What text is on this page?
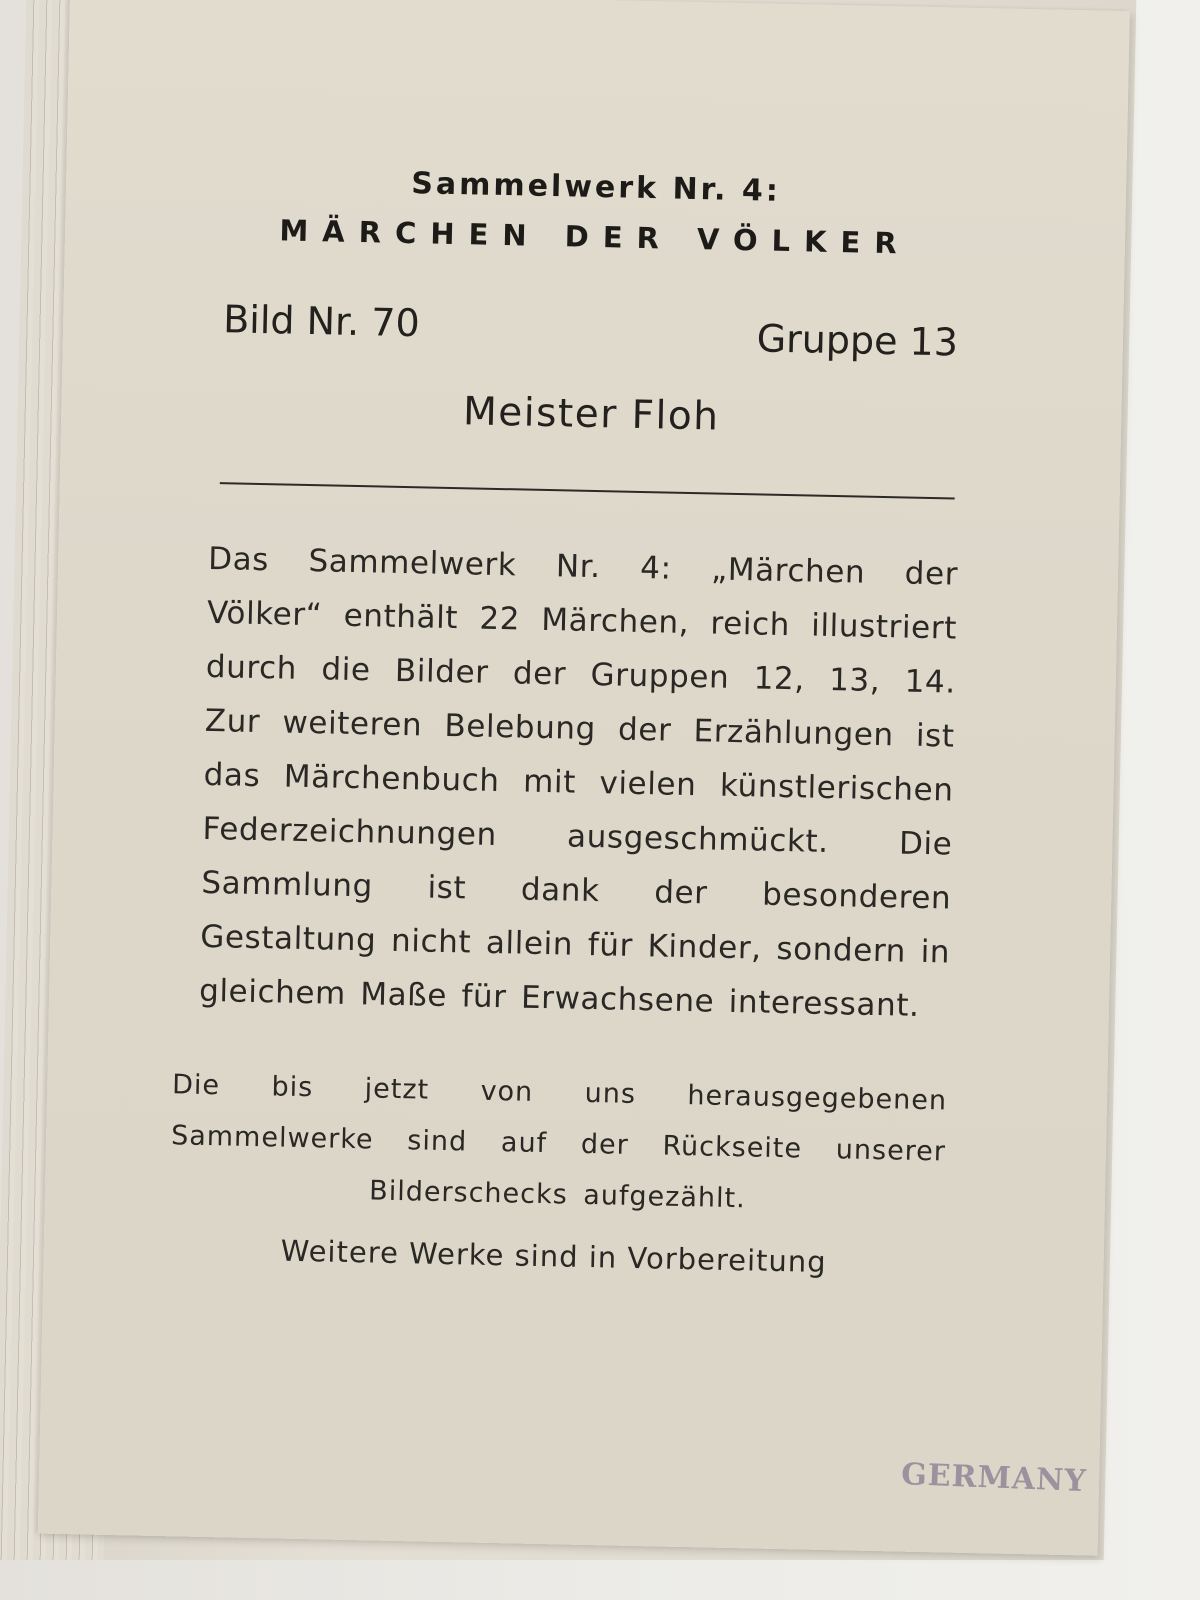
Sammelwerk Nr. 4:
MÄRCHEN DER VÖLKER
Bild Nr. 70	Gruppe 13
Meister Floh
Das Sammelwerk Nr. 4: „Märchen der Völker“ enthält 22 Märchen, reich illustriert durch die Bilder der Gruppen 12, 13, 14. Zur weiteren Belebung der Erzählungen ist das Märchenbuch mit vielen künstlerischen Federzeichnungen ausgeschmückt. Die Sammlung ist dank der besonderen Gestaltung nicht allein für Kinder, sondern in gleichem Maße für Erwachsene interessant.
Die bis jetzt von uns herausgegebenen Sammelwerke sind auf der Rückseite unserer Bilderschecks aufgezählt.
Weitere Werke sind in Vorbereitung
GERMANY
